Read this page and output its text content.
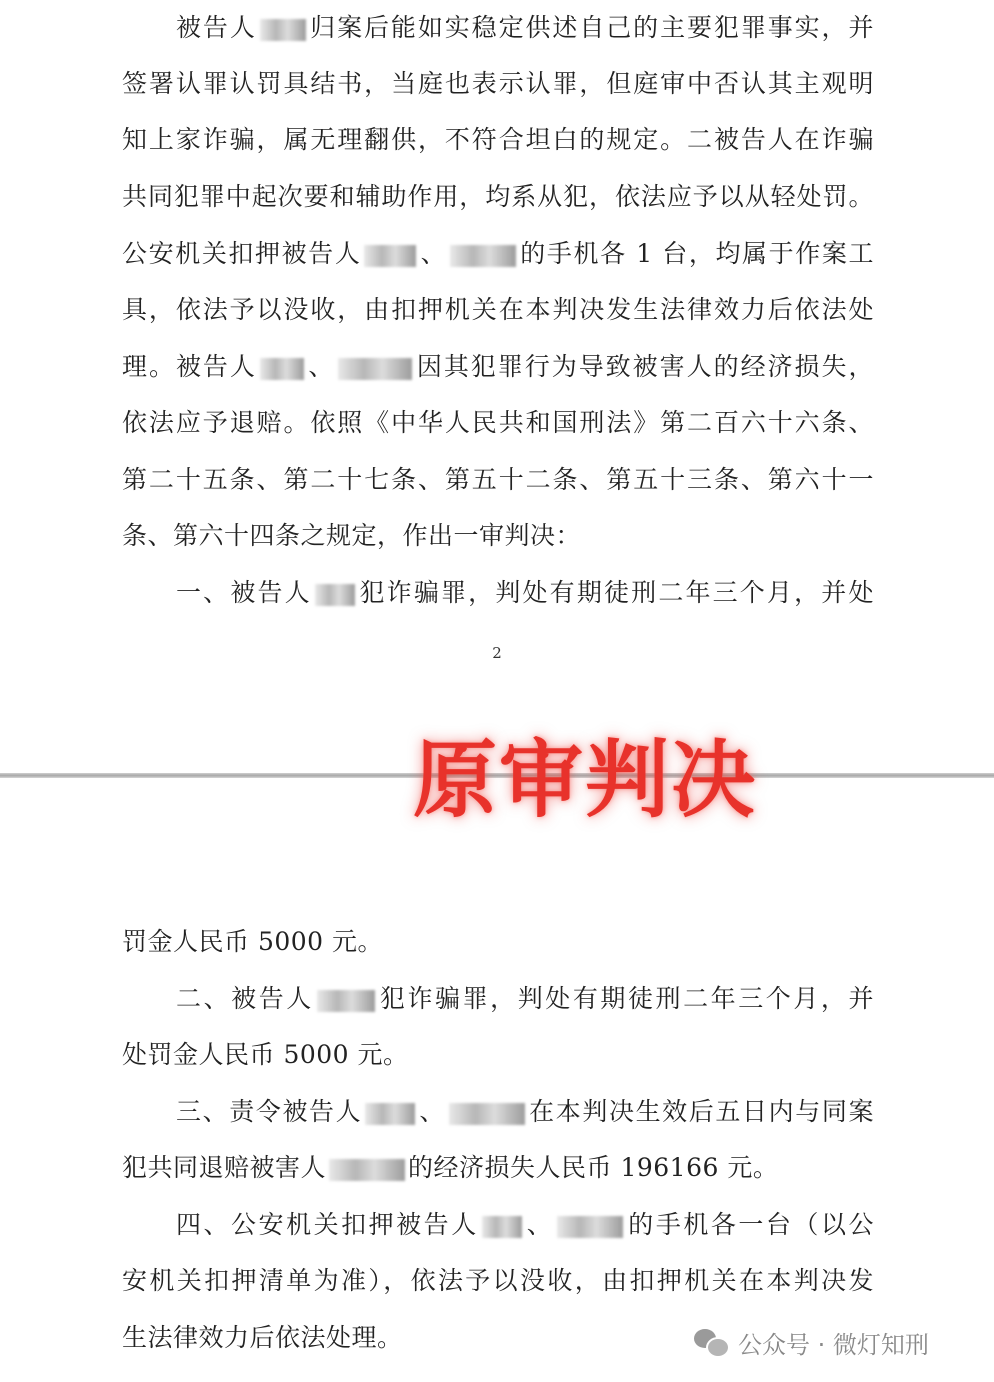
被告人 归案后能如实稳定供述自己的主要犯罪事实，并
签署认罪认罚具结书，当庭也表示认罪，但庭审中否认其主观明
知上家诈骗，属无理翻供，不符合坦白的规定。二被告人在诈骗
共同犯罪中起次要和辅助作用，均系从犯，依法应予以从轻处罚。
公安机关扣押被告人 、	的手机各 1 台，均属于作案工
具，依法予以没收，由扣押机关在本判决发生法律效力后依法处
理。被告人 、	因其犯罪行为导致被害人的经济损失，
依法应予退赔。依照《中华人民共和国刑法》第二百六十六条、
第二十五条、第二十七条、第五十二条、第五十三条、第六十一
条、第六十四条之规定，作出一审判决：
一、被告人 犯诈骗罪，判处有期徒刑二年三个月，并处
2
原审判决
罚金人民币 5000 元。
二、被告人	犯诈骗罪，判处有期徒刑二年三个月，并
处罚金人民币 5000 元。
三、责令被告人 、	在本判决生效后五日内与同案
犯共同退赔被害人	的经济损失人民币 196166 元。
四、公安机关扣押被告人 、	的手机各一台（以公
安机关扣押清单为准），依法予以没收，由扣押机关在本判决发
生法律效力后依法处理。	公众号 · 微灯知刑
